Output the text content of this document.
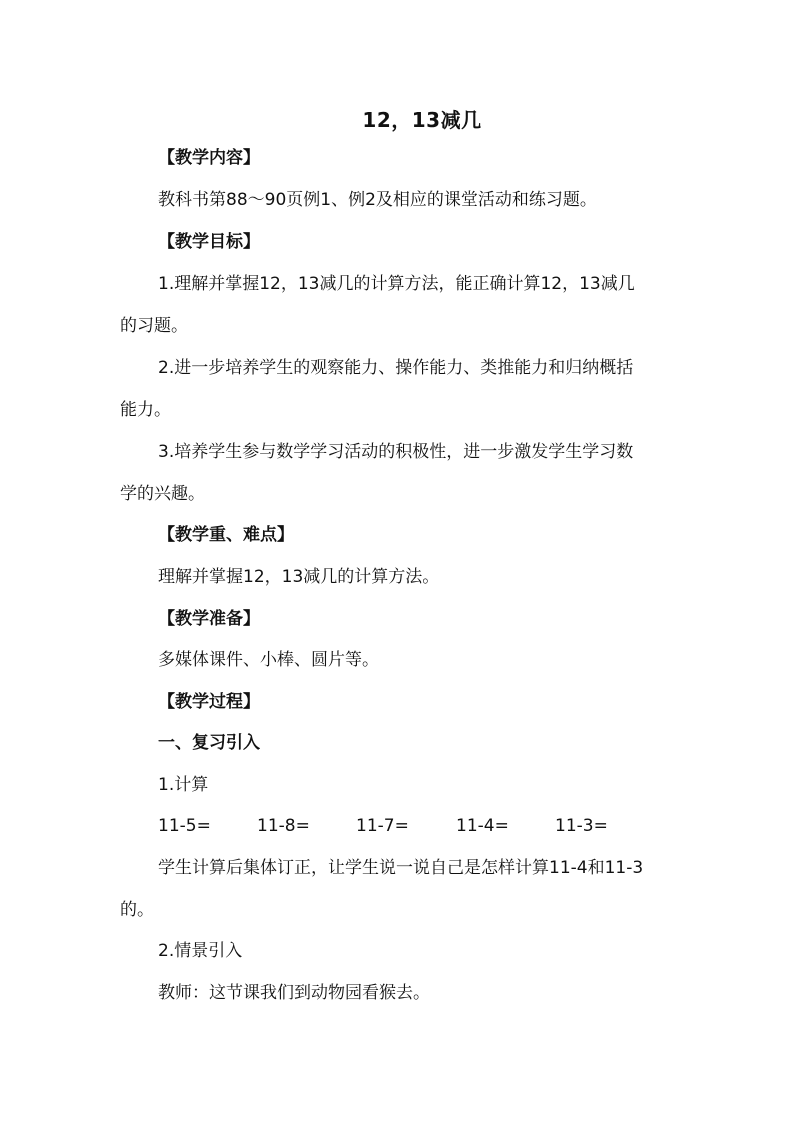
12，13减几
【教学内容】
教科书第88～90页例1、例2及相应的课堂活动和练习题。
【教学目标】
1.理解并掌握12，13减几的计算方法，能正确计算12，13减几
的习题。
2.进一步培养学生的观察能力、操作能力、类推能力和归纳概括
能力。
3.培养学生参与数学学习活动的积极性，进一步激发学生学习数
学的兴趣。
【教学重、难点】
理解并掌握12，13减几的计算方法。
【教学准备】
多媒体课件、小棒、圆片等。
【教学过程】
一、复习引入
1.计算
11-5=	11-8=	11-7=	11-4=	11-3=
学生计算后集体订正，让学生说一说自己是怎样计算11-4和11-3
的。
2.情景引入
教师：这节课我们到动物园看猴去。
